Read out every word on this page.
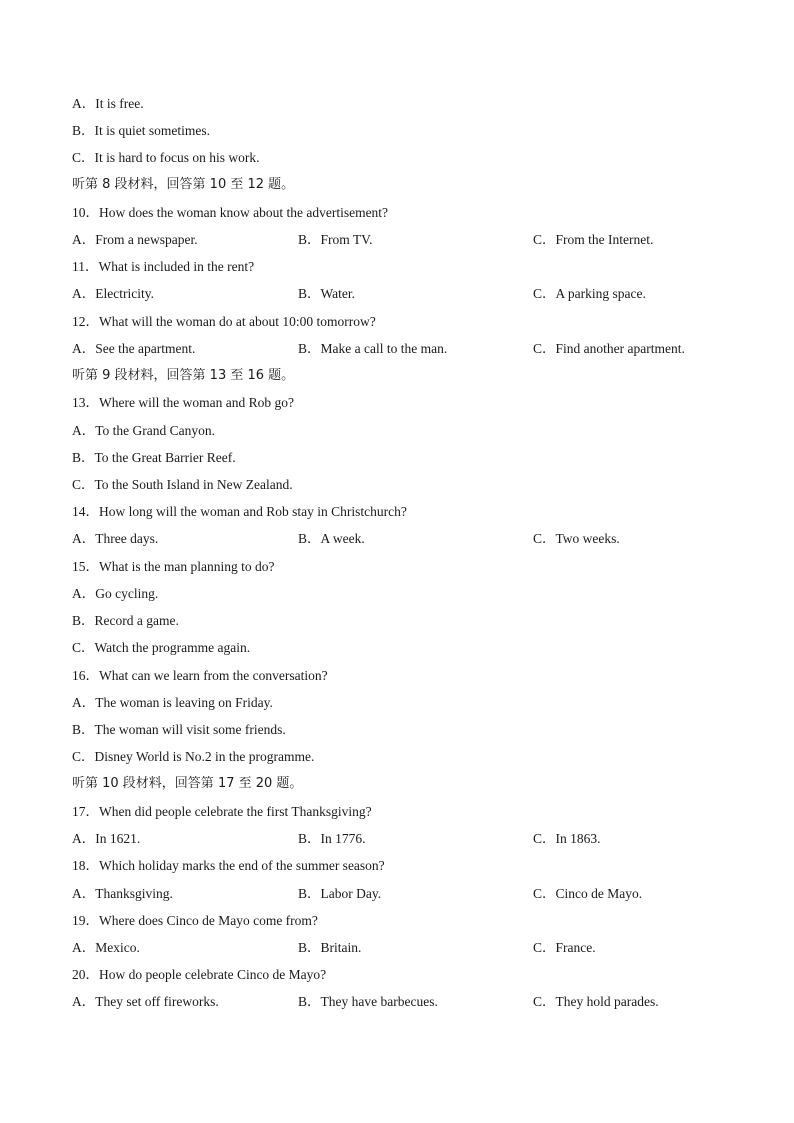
A．It is free.
B．It is quiet sometimes.
C．It is hard to focus on his work.
听第 8 段材料，回答第 10 至 12 题。
10．How does the woman know about the advertisement?
A．From a newspaper.	B．From TV.	C．From the Internet.
11．What is included in the rent?
A．Electricity.	B．Water.	C．A parking space.
12．What will the woman do at about 10:00 tomorrow?
A．See the apartment.	B．Make a call to the man.	C．Find another apartment.
听第 9 段材料，回答第 13 至 16 题。
13．Where will the woman and Rob go?
A．To the Grand Canyon.
B．To the Great Barrier Reef.
C．To the South Island in New Zealand.
14．How long will the woman and Rob stay in Christchurch?
A．Three days.	B．A week.	C．Two weeks.
15．What is the man planning to do?
A．Go cycling.
B．Record a game.
C．Watch the programme again.
16．What can we learn from the conversation?
A．The woman is leaving on Friday.
B．The woman will visit some friends.
C．Disney World is No.2 in the programme.
听第 10 段材料，回答第 17 至 20 题。
17．When did people celebrate the first Thanksgiving?
A．In 1621.	B．In 1776.	C．In 1863.
18．Which holiday marks the end of the summer season?
A．Thanksgiving.	B．Labor Day.	C．Cinco de Mayo.
19．Where does Cinco de Mayo come from?
A．Mexico.	B．Britain.	C．France.
20．How do people celebrate Cinco de Mayo?
A．They set off fireworks.	B．They have barbecues.	C．They hold parades.
